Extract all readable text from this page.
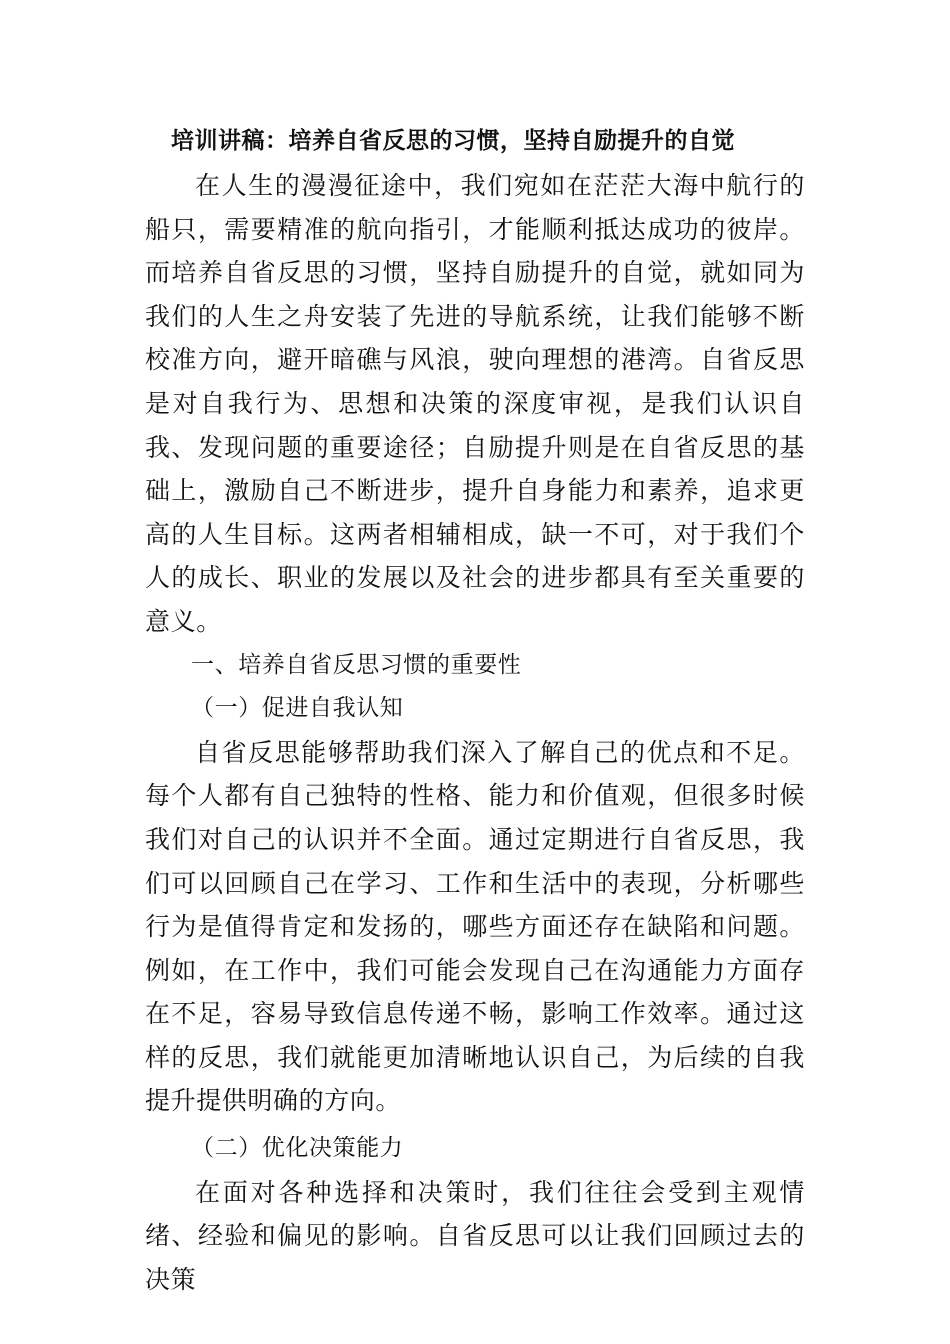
培训讲稿：培养自省反思的习惯，坚持自励提升的自觉

在人生的漫漫征途中，我们宛如在茫茫大海中航行的船只，需要精准的航向指引，才能顺利抵达成功的彼岸。而培养自省反思的习惯，坚持自励提升的自觉，就如同为我们的人生之舟安装了先进的导航系统，让我们能够不断校准方向，避开暗礁与风浪，驶向理想的港湾。自省反思是对自我行为、思想和决策的深度审视，是我们认识自我、发现问题的重要途径；自励提升则是在自省反思的基础上，激励自己不断进步，提升自身能力和素养，追求更高的人生目标。这两者相辅相成，缺一不可，对于我们个人的成长、职业的发展以及社会的进步都具有至关重要的意义。

一、培养自省反思习惯的重要性

（一）促进自我认知

自省反思能够帮助我们深入了解自己的优点和不足。每个人都有自己独特的性格、能力和价值观，但很多时候我们对自己的认识并不全面。通过定期进行自省反思，我们可以回顾自己在学习、工作和生活中的表现，分析哪些行为是值得肯定和发扬的，哪些方面还存在缺陷和问题。例如，在工作中，我们可能会发现自己在沟通能力方面存在不足，容易导致信息传递不畅，影响工作效率。通过这样的反思，我们就能更加清晰地认识自己，为后续的自我提升提供明确的方向。

（二）优化决策能力

在面对各种选择和决策时，我们往往会受到主观情绪、经验和偏见的影响。自省反思可以让我们回顾过去的决策
